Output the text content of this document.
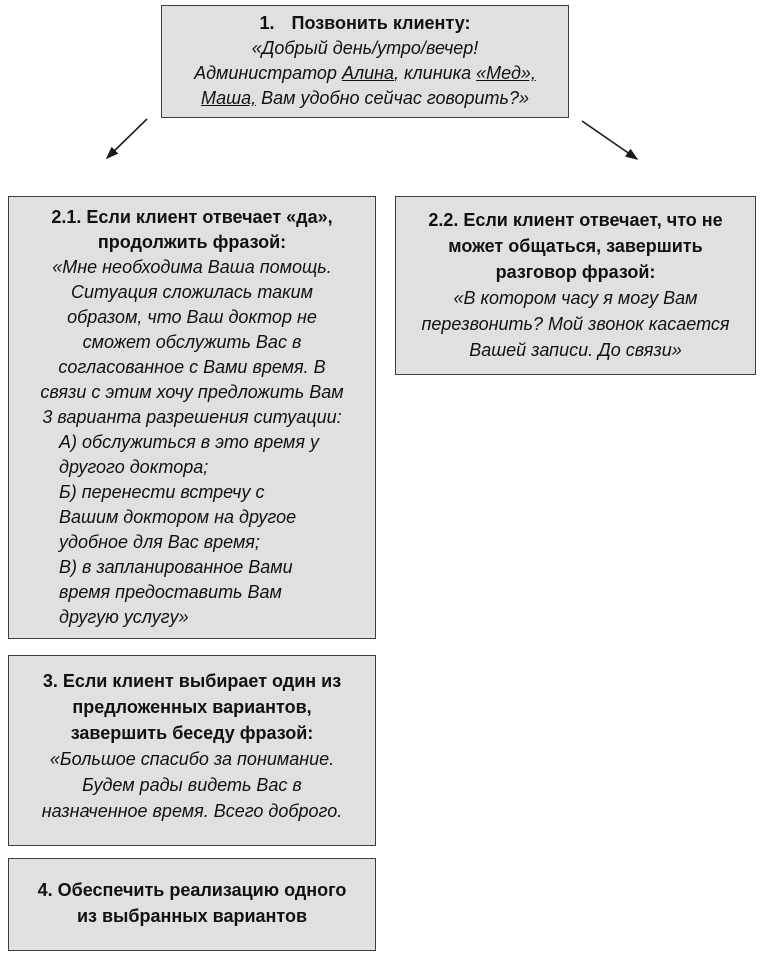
1. Позвонить клиенту:
«Добрый день/утро/вечер!
Администратор Алина, клиника «Мед»,
Маша, Вам удобно сейчас говорить?»
2.1. Если клиент отвечает «да»,
продолжить фразой:
«Мне необходима Ваша помощь.
Ситуация сложилась таким
образом, что Ваш доктор не
сможет обслужить Вас в
согласованное с Вами время. В
связи с этим хочу предложить Вам
3 варианта разрешения ситуации:
А) обслужиться в это время у
другого доктора;
Б) перенести встречу с
Вашим доктором на другое
удобное для Вас время;
В) в запланированное Вами
время предоставить Вам
другую услугу»
2.2. Если клиент отвечает, что не
может общаться, завершить
разговор фразой:
«В котором часу я могу Вам
перезвонить? Мой звонок касается
Вашей записи. До связи»
3. Если клиент выбирает один из
предложенных вариантов,
завершить беседу фразой:
«Большое спасибо за понимание.
Будем рады видеть Вас в
назначенное время. Всего доброго.
4. Обеспечить реализацию одного
из выбранных вариантов
